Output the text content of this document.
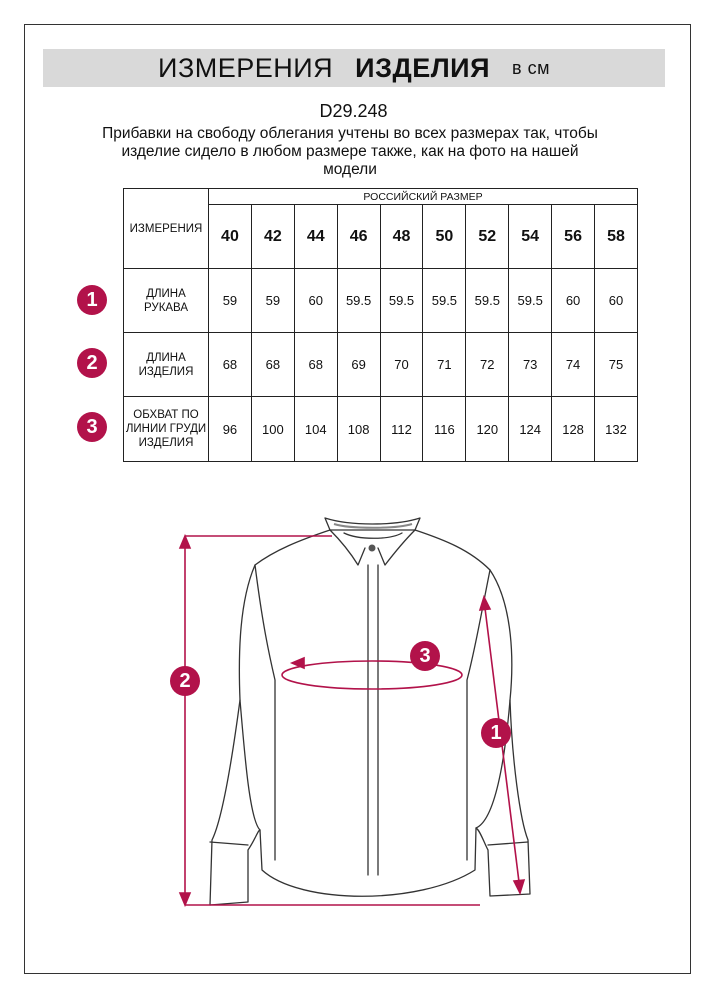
ИЗМЕРЕНИЯ ИЗДЕЛИЯ в см
D29.248
Прибавки на свободу облегания учтены во всех размерах так, чтобы изделие сидело в любом размере также, как на фото на нашей модели
ИЗМЕРЕНИЯ	РОССИЙСКИЙ РАЗМЕР									
	40	42	44	46	48	50	52	54	56	58
ДЛИНА РУКАВА	59	59	60	59.5	59.5	59.5	59.5	59.5	60	60
ДЛИНА ИЗДЕЛИЯ	68	68	68	69	70	71	72	73	74	75
ОБХВАТ ПО ЛИНИИ ГРУДИ ИЗДЕЛИЯ	96	100	104	108	112	116	120	124	128	132
1
2
3
2
3
1
